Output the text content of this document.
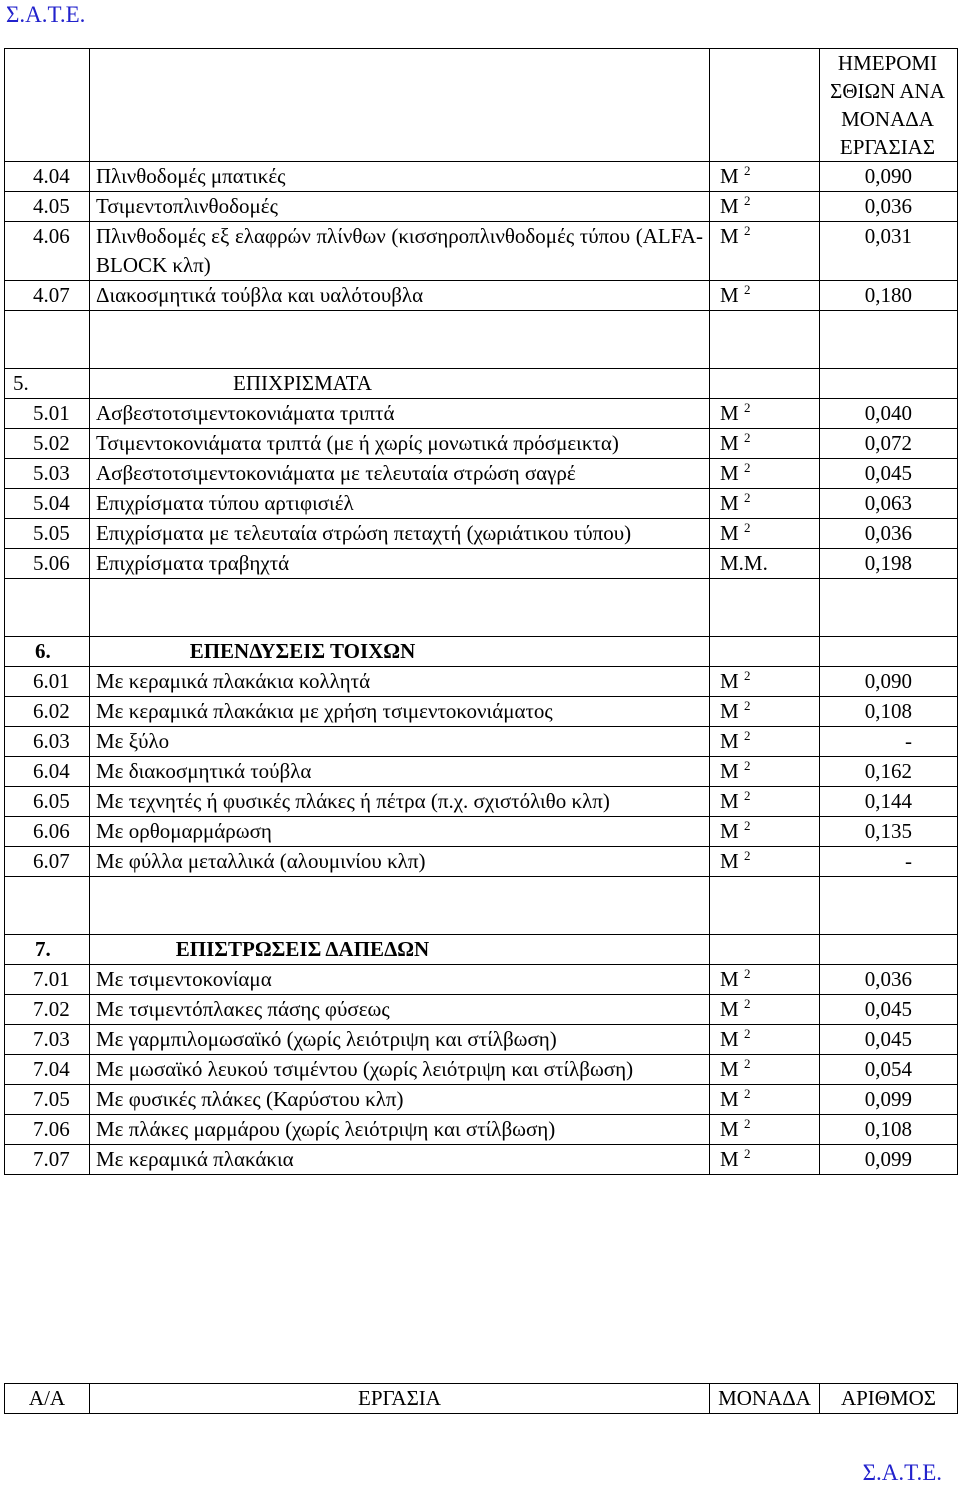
Σ.Α.Τ.Ε.
			ΗΜΕΡΟΜΙ ΣΘΙΩΝ ΑΝΑ ΜΟΝΑΔΑ ΕΡΓΑΣΙΑΣ
4.04	Πλινθοδομές μπατικές	Μ $^2$	0,090
4.05	Τσιμεντοπλινθοδομές	Μ $^2$	0,036
4.06	Πλινθοδομές εξ ελαφρών πλίνθων (κισσηροπλινθοδομές τύπου (ALFA-BLOCK κλπ)	Μ $^2$	0,031
4.07	Διακοσμητικά τούβλα και υαλότουβλα	Μ $^2$	0,180

5.	ΕΠΙΧΡΙΣΜΑΤΑ		
5.01	Ασβεστοτσιμεντοκονιάματα τριπτά	Μ $^2$	0,040
5.02	Τσιμεντοκονιάματα τριπτά (με ή χωρίς μονωτικά πρόσμεικτα)	Μ $^2$	0,072
5.03	Ασβεστοτσιμεντοκονιάματα με τελευταία στρώση σαγρέ	Μ $^2$	0,045
5.04	Επιχρίσματα τύπου αρτιφισιέλ	Μ $^2$	0,063
5.05	Επιχρίσματα με τελευταία στρώση πεταχτή (χωριάτικου τύπου)	Μ $^2$	0,036
5.06	Επιχρίσματα τραβηχτά	Μ.Μ.	0,198

6.	ΕΠΕΝΔΥΣΕΙΣ ΤΟΙΧΩΝ		
6.01	Με κεραμικά πλακάκια κολλητά	Μ $^2$	0,090
6.02	Με κεραμικά πλακάκια με χρήση τσιμεντοκονιάματος	Μ $^2$	0,108
6.03	Με ξύλο	Μ $^2$	-
6.04	Με διακοσμητικά τούβλα	Μ $^2$	0,162
6.05	Με τεχνητές ή φυσικές πλάκες ή πέτρα (π.χ. σχιστόλιθο κλπ)	Μ $^2$	0,144
6.06	Με ορθομαρμάρωση	Μ $^2$	0,135
6.07	Με φύλλα μεταλλικά (αλουμινίου κλπ)	Μ $^2$	-

7.	ΕΠΙΣΤΡΩΣΕΙΣ ΔΑΠΕΔΩΝ		
7.01	Με τσιμεντοκονίαμα	Μ $^2$	0,036
7.02	Με τσιμεντόπλακες πάσης φύσεως	Μ $^2$	0,045
7.03	Με γαρμπιλομωσαϊκό (χωρίς λειότριψη και στίλβωση)	Μ $^2$	0,045
7.04	Με μωσαϊκό λευκού τσιμέντου (χωρίς λειότριψη και στίλβωση)	Μ $^2$	0,054
7.05	Με φυσικές πλάκες (Καρύστου κλπ)	Μ $^2$	0,099
7.06	Με πλάκες μαρμάρου (χωρίς λειότριψη και στίλβωση)	Μ $^2$	0,108
7.07	Με κεραμικά πλακάκια	Μ $^2$	0,099
Α/Α	ΕΡΓΑΣΙΑ	ΜΟΝΑΔΑ	ΑΡΙΘΜΟΣ
Σ.Α.Τ.Ε.
